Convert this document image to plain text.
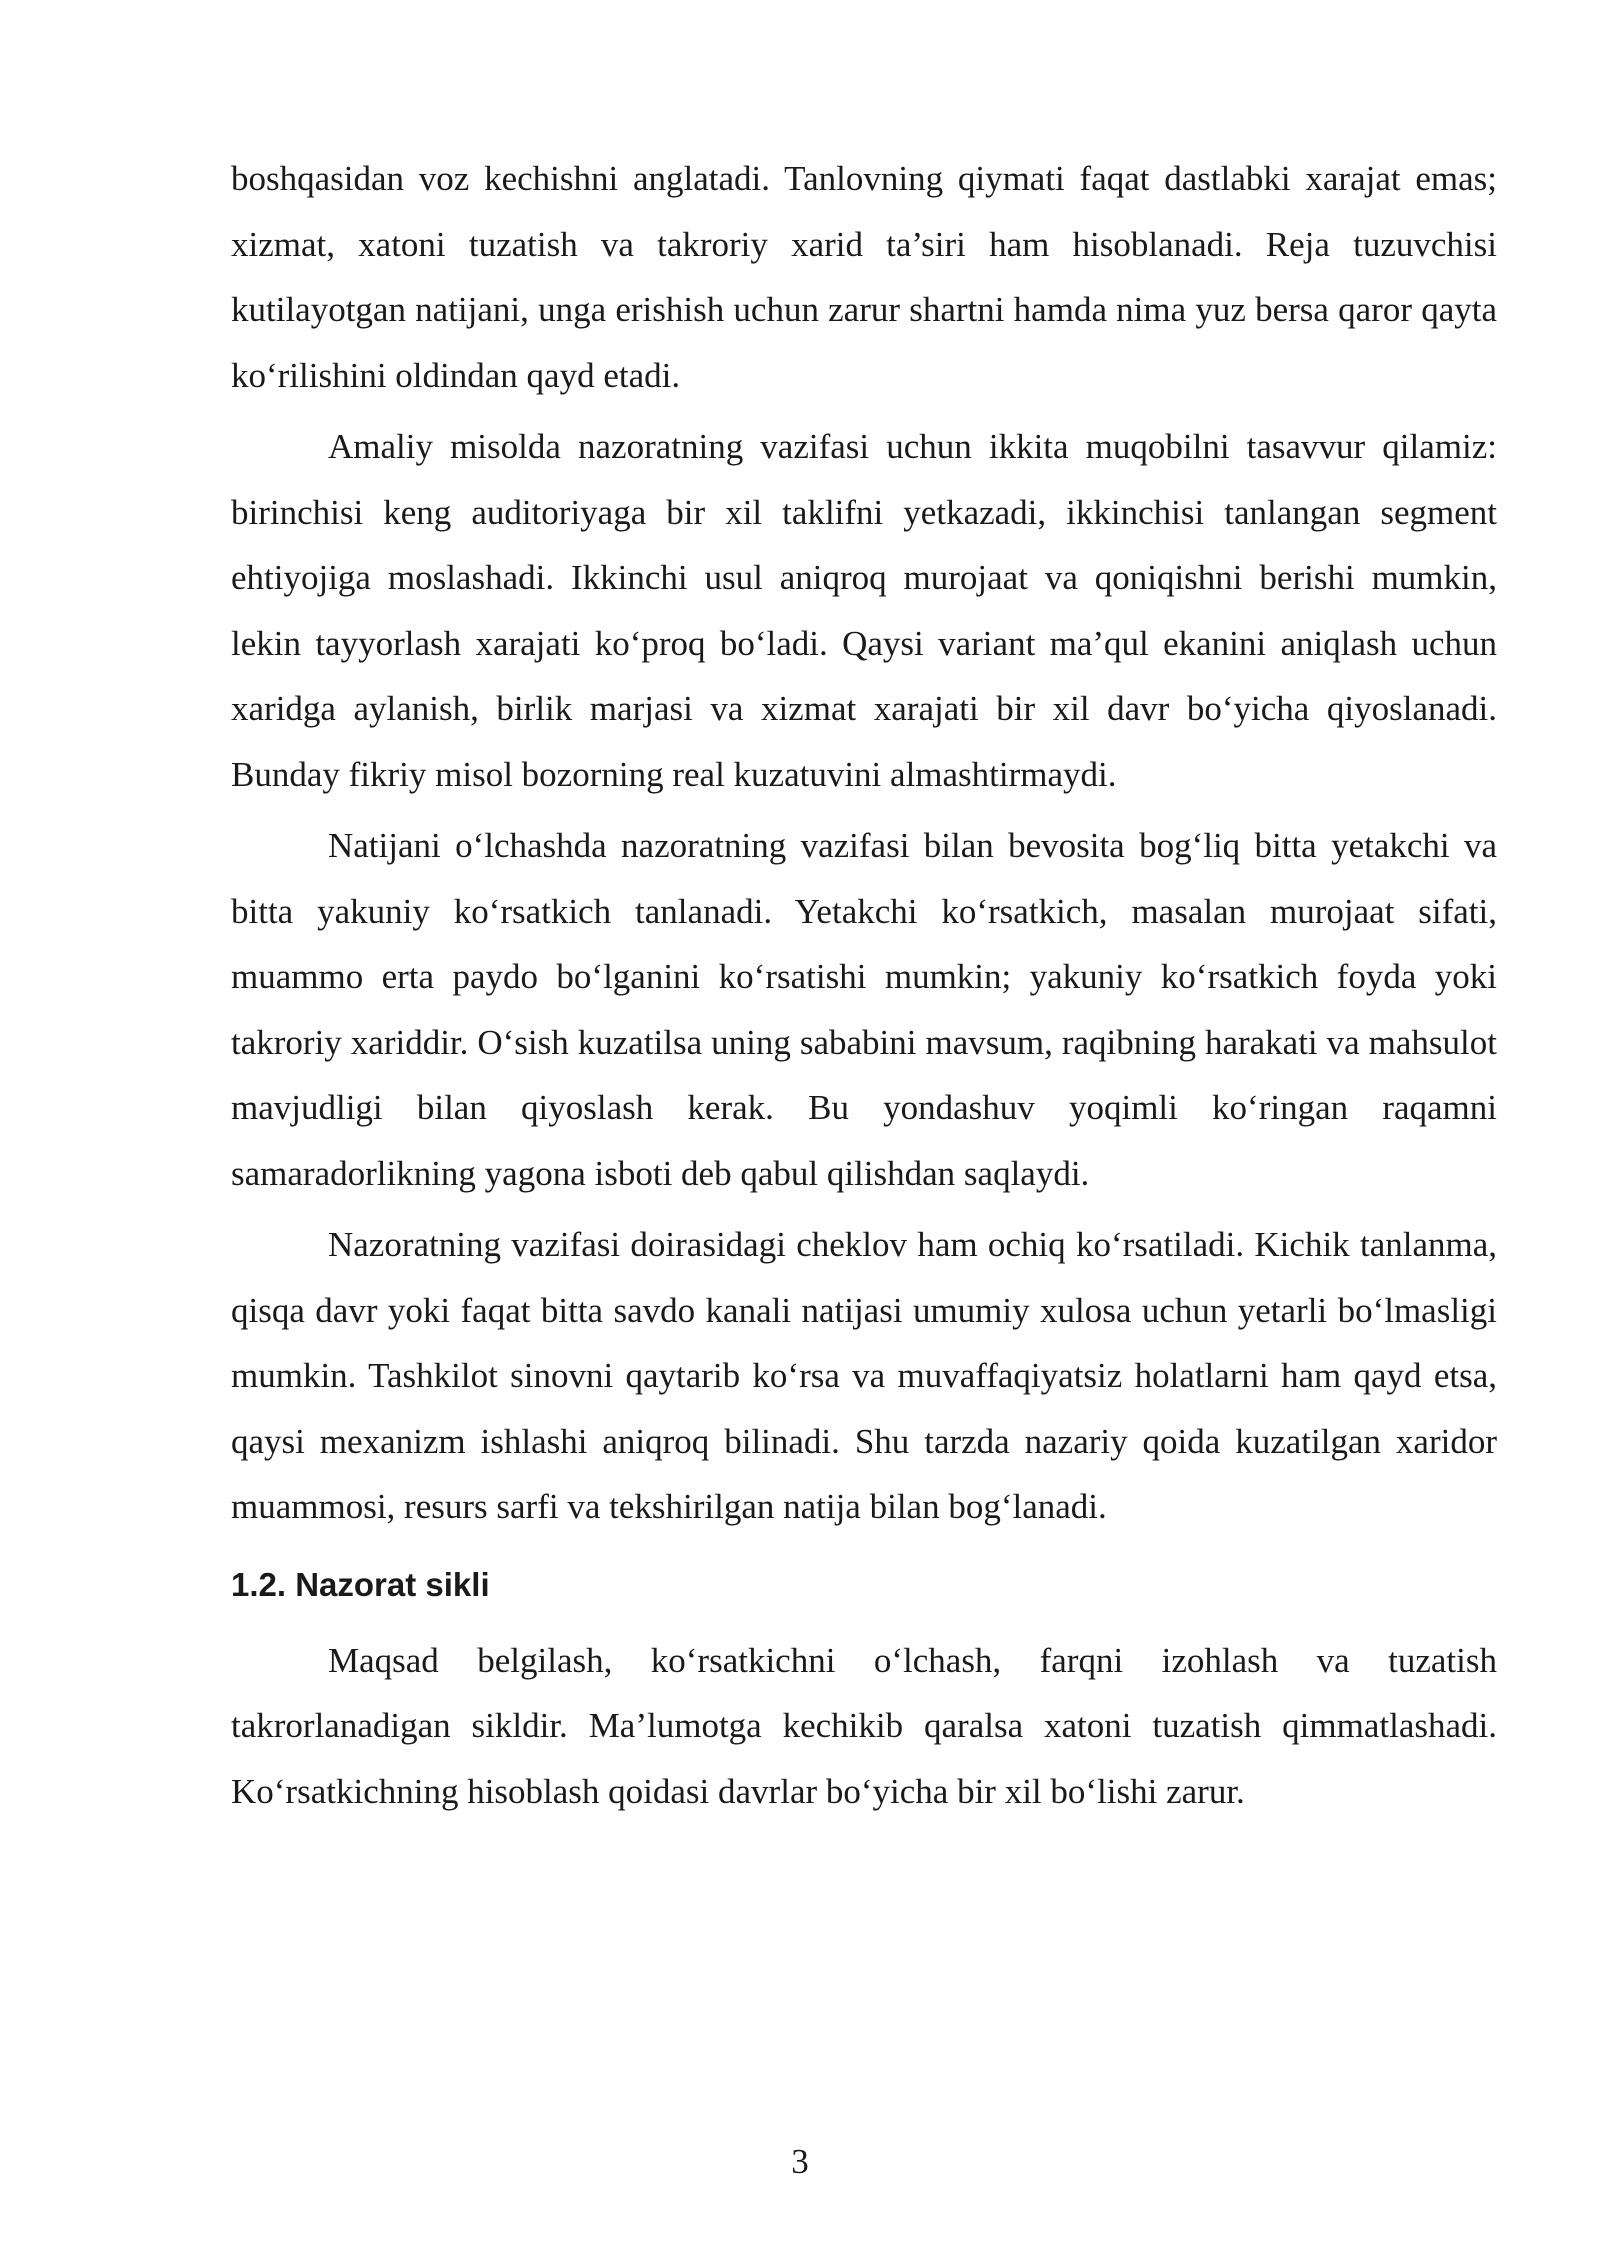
boshqasidan voz kechishni anglatadi. Tanlovning qiymati faqat dastlabki xarajat emas; xizmat, xatoni tuzatish va takroriy xarid ta’siri ham hisoblanadi. Reja tuzuvchisi kutilayotgan natijani, unga erishish uchun zarur shartni hamda nima yuz bersa qaror qayta ko‘rilishini oldindan qayd etadi.

Amaliy misolda nazoratning vazifasi uchun ikkita muqobilni tasavvur qilamiz: birinchisi keng auditoriyaga bir xil taklifni yetkazadi, ikkinchisi tanlangan segment ehtiyojiga moslashadi. Ikkinchi usul aniqroq murojaat va qoniqishni berishi mumkin, lekin tayyorlash xarajati ko‘proq bo‘ladi. Qaysi variant ma’qul ekanini aniqlash uchun xaridga aylanish, birlik marjasi va xizmat xarajati bir xil davr bo‘yicha qiyoslanadi. Bunday fikriy misol bozorning real kuzatuvini almashtirmaydi.

Natijani o‘lchashda nazoratning vazifasi bilan bevosita bog‘liq bitta yetakchi va bitta yakuniy ko‘rsatkich tanlanadi. Yetakchi ko‘rsatkich, masalan murojaat sifati, muammo erta paydo bo‘lganini ko‘rsatishi mumkin; yakuniy ko‘rsatkich foyda yoki takroriy xariddir. O‘sish kuzatilsa uning sababini mavsum, raqibning harakati va mahsulot mavjudligi bilan qiyoslash kerak. Bu yondashuv yoqimli ko‘ringan raqamni samaradorlikning yagona isboti deb qabul qilishdan saqlaydi.

Nazoratning vazifasi doirasidagi cheklov ham ochiq ko‘rsatiladi. Kichik tanlanma, qisqa davr yoki faqat bitta savdo kanali natijasi umumiy xulosa uchun yetarli bo‘lmasligi mumkin. Tashkilot sinovni qaytarib ko‘rsa va muvaffaqiyatsiz holatlarni ham qayd etsa, qaysi mexanizm ishlashi aniqroq bilinadi. Shu tarzda nazariy qoida kuzatilgan xaridor muammosi, resurs sarfi va tekshirilgan natija bilan bog‘lanadi.

1.2. Nazorat sikli

Maqsad belgilash, ko‘rsatkichni o‘lchash, farqni izohlash va tuzatish takrorlanadigan sikldir. Ma’lumotga kechikib qaralsa xatoni tuzatish qimmatlashadi. Ko‘rsatkichning hisoblash qoidasi davrlar bo‘yicha bir xil bo‘lishi zarur.

3
